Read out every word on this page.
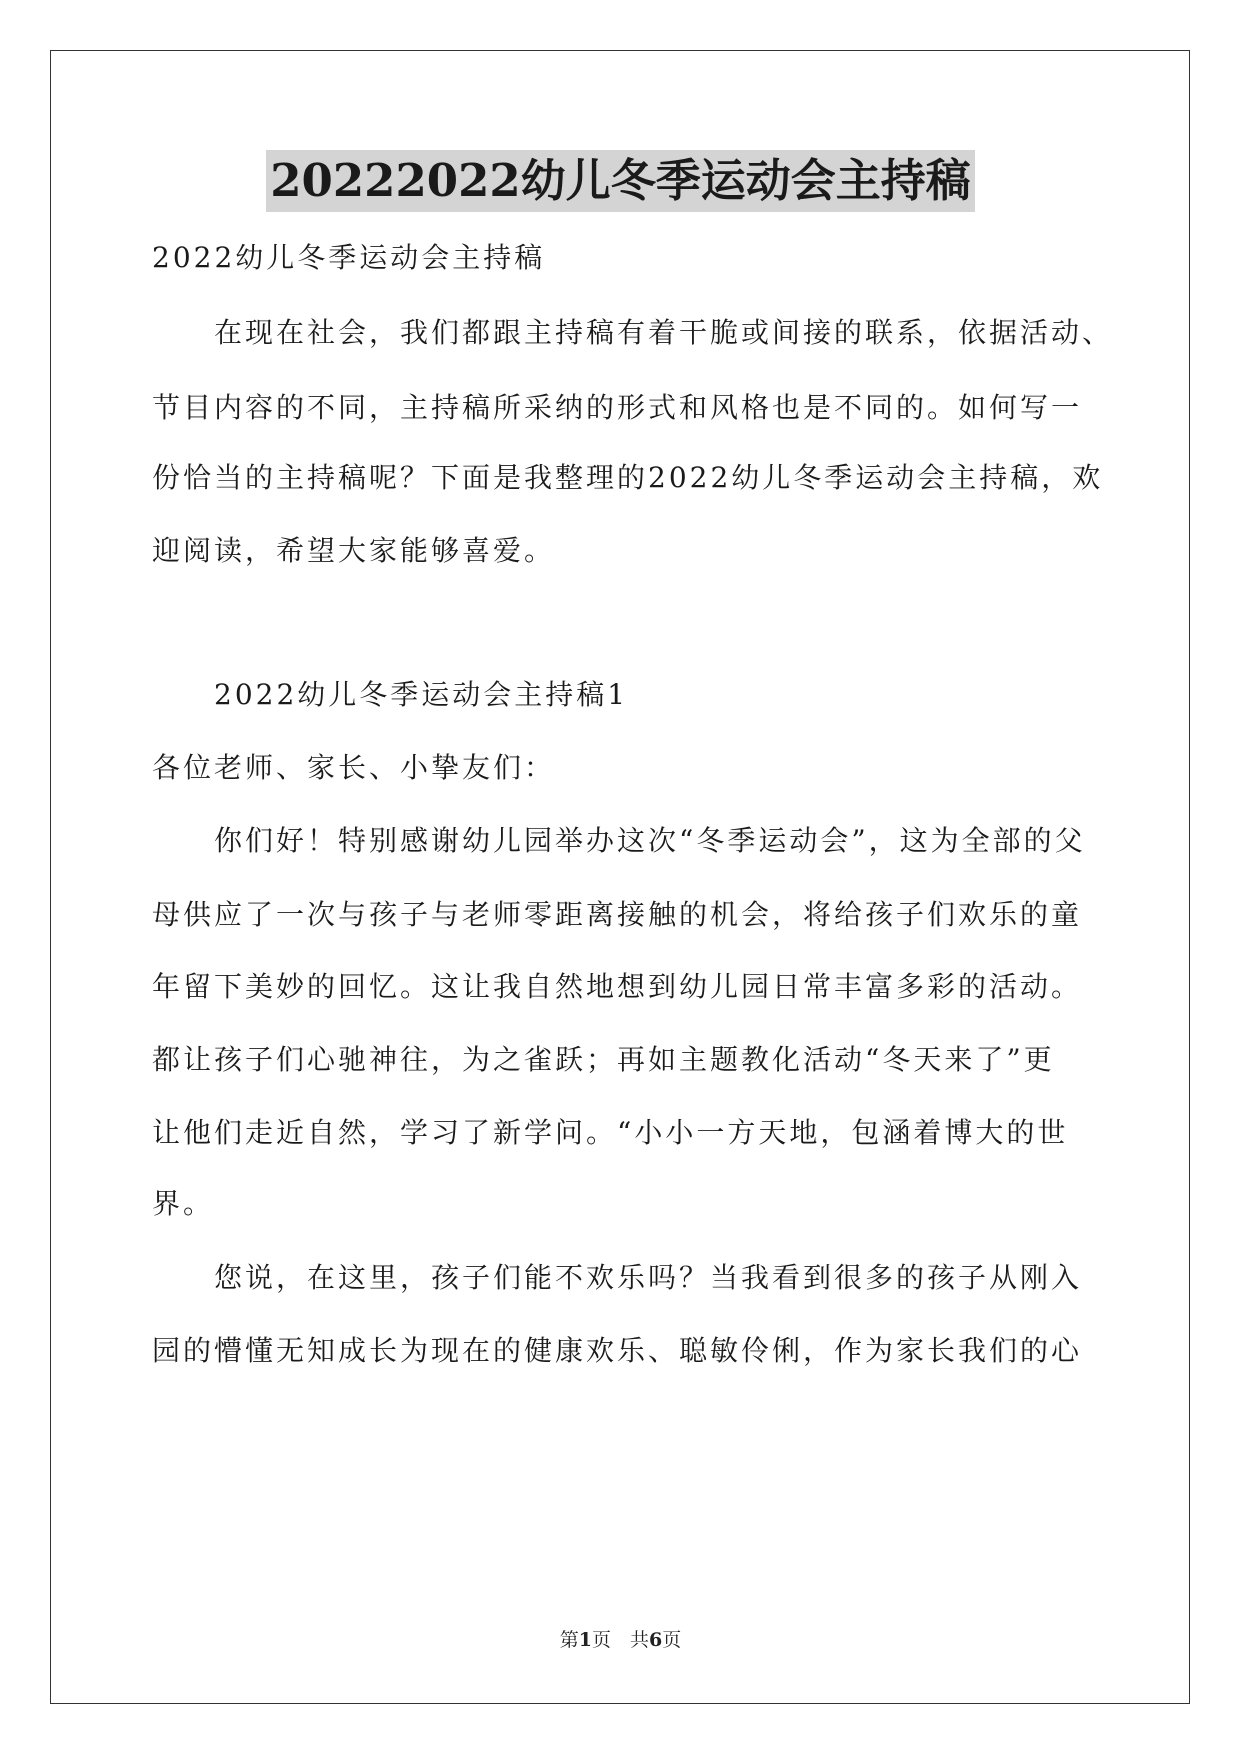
20222022幼儿冬季运动会主持稿
2022幼儿冬季运动会主持稿
在现在社会，我们都跟主持稿有着干脆或间接的联系，依据活动、
节目内容的不同，主持稿所采纳的形式和风格也是不同的。如何写一
份恰当的主持稿呢？下面是我整理的2022幼儿冬季运动会主持稿，欢
迎阅读，希望大家能够喜爱。
2022幼儿冬季运动会主持稿1
各位老师、家长、小挚友们：
你们好！特别感谢幼儿园举办这次“冬季运动会”，这为全部的父
母供应了一次与孩子与老师零距离接触的机会，将给孩子们欢乐的童
年留下美妙的回忆。这让我自然地想到幼儿园日常丰富多彩的活动。
都让孩子们心驰神往，为之雀跃；再如主题教化活动“冬天来了”更
让他们走近自然，学习了新学问。“小小一方天地，包涵着博大的世
界。
您说，在这里，孩子们能不欢乐吗？当我看到很多的孩子从刚入
园的懵懂无知成长为现在的健康欢乐、聪敏伶俐，作为家长我们的心
第1页　共6页
